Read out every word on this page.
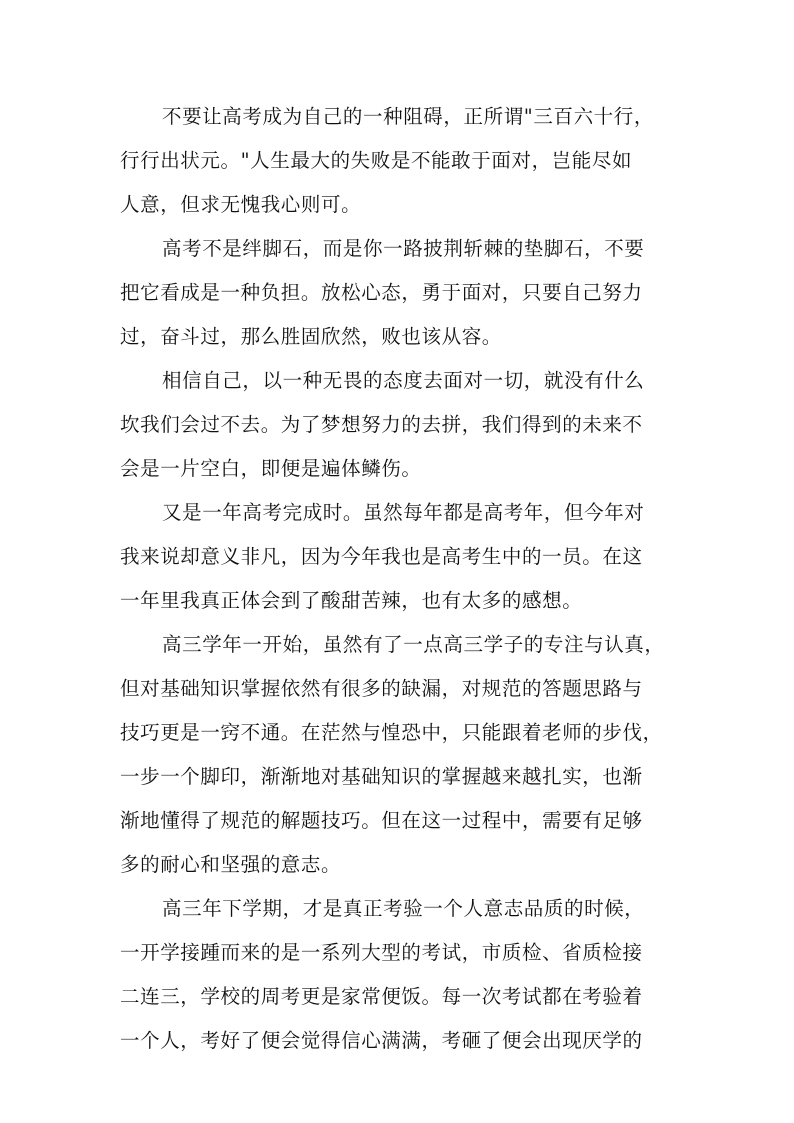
不要让高考成为自己的一种阻碍，正所谓"三百六十行，
行行出状元。"人生最大的失败是不能敢于面对，岂能尽如
人意，但求无愧我心则可。
高考不是绊脚石，而是你一路披荆斩棘的垫脚石，不要
把它看成是一种负担。放松心态，勇于面对，只要自己努力
过，奋斗过，那么胜固欣然，败也该从容。
相信自己，以一种无畏的态度去面对一切，就没有什么
坎我们会过不去。为了梦想努力的去拼，我们得到的未来不
会是一片空白，即便是遍体鳞伤。
又是一年高考完成时。虽然每年都是高考年，但今年对
我来说却意义非凡，因为今年我也是高考生中的一员。在这
一年里我真正体会到了酸甜苦辣，也有太多的感想。
高三学年一开始，虽然有了一点高三学子的专注与认真，
但对基础知识掌握依然有很多的缺漏，对规范的答题思路与
技巧更是一窍不通。在茫然与惶恐中，只能跟着老师的步伐，
一步一个脚印，渐渐地对基础知识的掌握越来越扎实，也渐
渐地懂得了规范的解题技巧。但在这一过程中，需要有足够
多的耐心和坚强的意志。
高三年下学期，才是真正考验一个人意志品质的时候，
一开学接踵而来的是一系列大型的考试，市质检、省质检接
二连三，学校的周考更是家常便饭。每一次考试都在考验着
一个人，考好了便会觉得信心满满，考砸了便会出现厌学的
